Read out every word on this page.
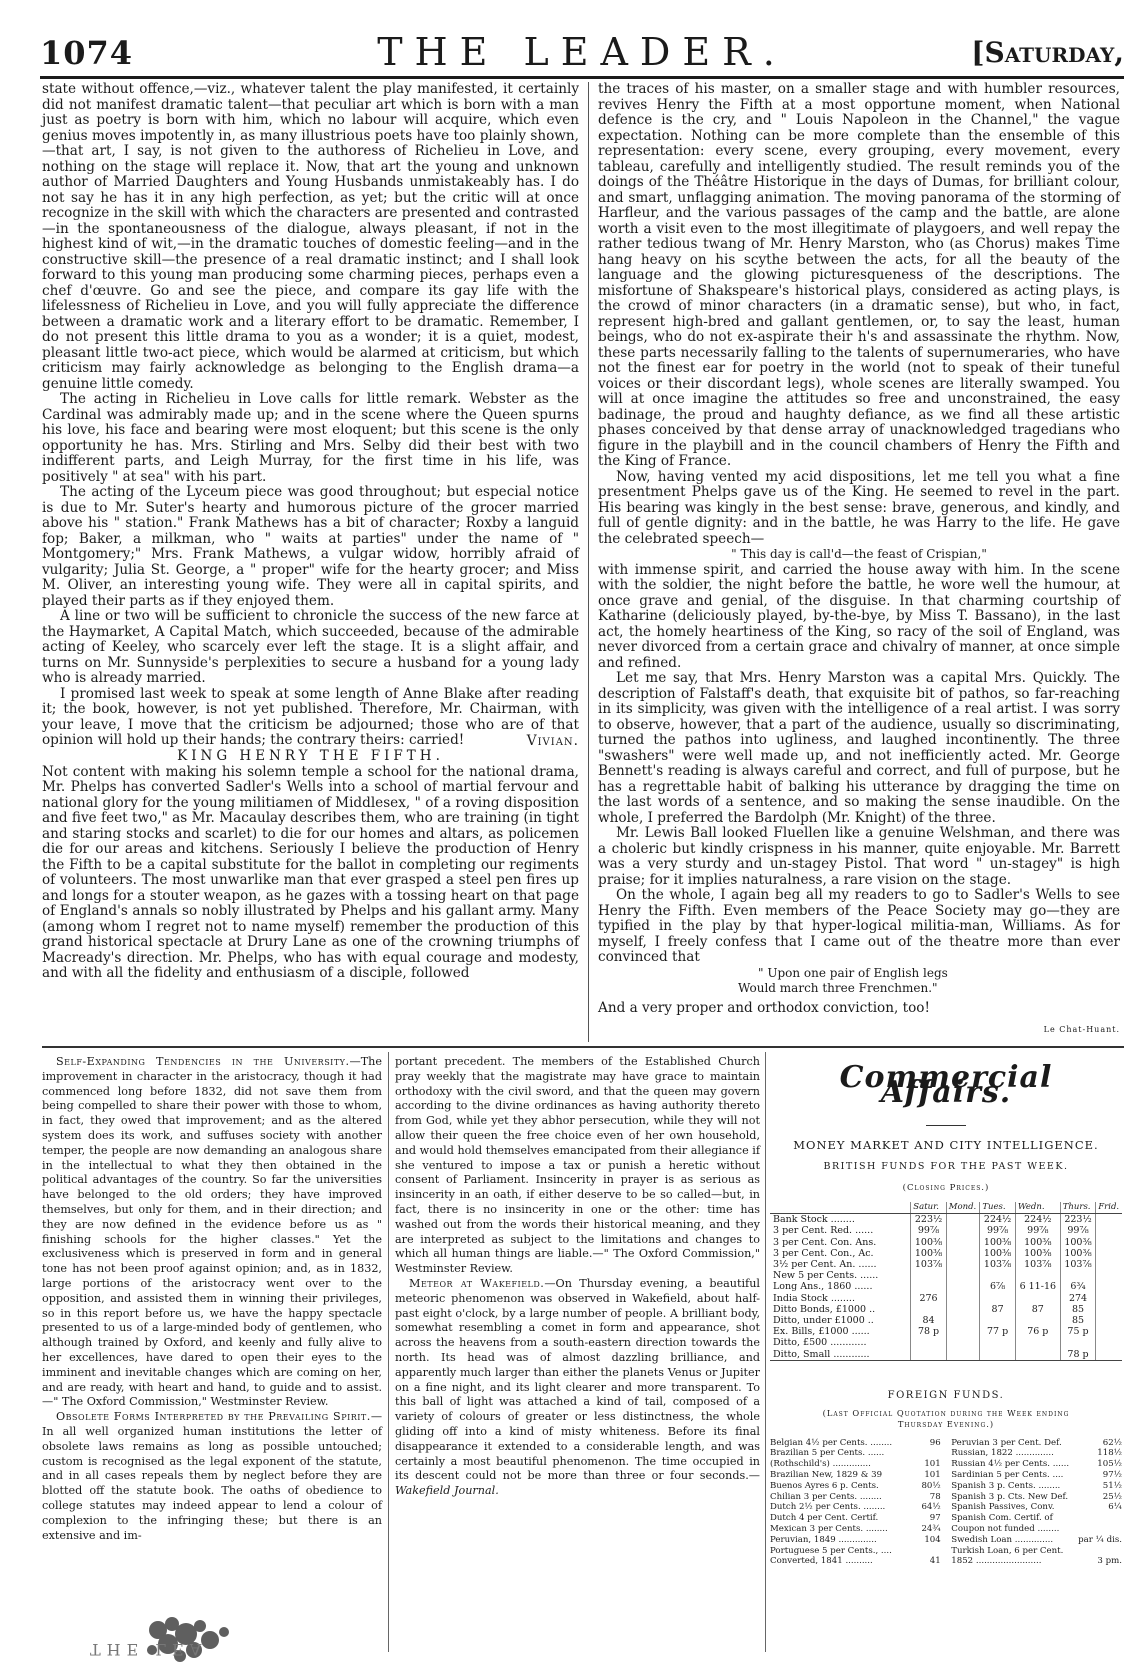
1074	THE LEADER.	[Saturday,

state without offence,—viz., whatever talent the play manifested, it certainly did not manifest dramatic talent—that peculiar art which is born with a man just as poetry is born with him, which no labour will acquire, which even genius moves impotently in, as many illustrious poets have too plainly shown,—that art, I say, is not given to the authoress of Richelieu in Love, and nothing on the stage will replace it. Now, that art the young and unknown author of Married Daughters and Young Husbands unmistakeably has. I do not say he has it in any high perfection, as yet; but the critic will at once recognize in the skill with which the characters are presented and contrasted—in the spontaneousness of the dialogue, always pleasant, if not in the highest kind of wit,—in the dramatic touches of domestic feeling—and in the constructive skill—the presence of a real dramatic instinct; and I shall look forward to this young man producing some charming pieces, perhaps even a chef d'œuvre. Go and see the piece, and compare its gay life with the lifelessness of Richelieu in Love, and you will fully appreciate the difference between a dramatic work and a literary effort to be dramatic. Remember, I do not present this little drama to you as a wonder; it is a quiet, modest, pleasant little two-act piece, which would be alarmed at criticism, but which criticism may fairly acknowledge as belonging to the English drama—a genuine little comedy.

The acting in Richelieu in Love calls for little remark. Webster as the Cardinal was admirably made up; and in the scene where the Queen spurns his love, his face and bearing were most eloquent; but this scene is the only opportunity he has. Mrs. Stirling and Mrs. Selby did their best with two indifferent parts, and Leigh Murray, for the first time in his life, was positively " at sea" with his part.

The acting of the Lyceum piece was good throughout; but especial notice is due to Mr. Suter's hearty and humorous picture of the grocer married above his " station." Frank Mathews has a bit of character; Roxby a languid fop; Baker, a milkman, who " waits at parties" under the name of " Montgomery;" Mrs. Frank Mathews, a vulgar widow, horribly afraid of vulgarity; Julia St. George, a " proper" wife for the hearty grocer; and Miss M. Oliver, an interesting young wife. They were all in capital spirits, and played their parts as if they enjoyed them.

A line or two will be sufficient to chronicle the success of the new farce at the Haymarket, A Capital Match, which succeeded, because of the admirable acting of Keeley, who scarcely ever left the stage. It is a slight affair, and turns on Mr. Sunnyside's perplexities to secure a husband for a young lady who is already married.

I promised last week to speak at some length of Anne Blake after reading it; the book, however, is not yet published. Therefore, Mr. Chairman, with your leave, I move that the criticism be adjourned; those who are of that opinion will hold up their hands; the contrary theirs: carried!	Vivian.

KING HENRY THE FIFTH.

Not content with making his solemn temple a school for the national drama, Mr. Phelps has converted Sadler's Wells into a school of martial fervour and national glory for the young militiamen of Middlesex, " of a roving disposition and five feet two," as Mr. Macaulay describes them, who are training (in tight and staring stocks and scarlet) to die for our homes and altars, as policemen die for our areas and kitchens. Seriously I believe the production of Henry the Fifth to be a capital substitute for the ballot in completing our regiments of volunteers. The most unwarlike man that ever grasped a steel pen fires up and longs for a stouter weapon, as he gazes with a tossing heart on that page of England's annals so nobly illustrated by Phelps and his gallant army. Many (among whom I regret not to name myself) remember the production of this grand historical spectacle at Drury Lane as one of the crowning triumphs of Macready's direction. Mr. Phelps, who has with equal courage and modesty, and with all the fidelity and enthusiasm of a disciple, followed

the traces of his master, on a smaller stage and with humbler resources, revives Henry the Fifth at a most opportune moment, when National defence is the cry, and " Louis Napoleon in the Channel," the vague expectation. Nothing can be more complete than the ensemble of this representation: every scene, every grouping, every movement, every tableau, carefully and intelligently studied. The result reminds you of the doings of the Théâtre Historique in the days of Dumas, for brilliant colour, and smart, unflagging animation. The moving panorama of the storming of Harfleur, and the various passages of the camp and the battle, are alone worth a visit even to the most illegitimate of playgoers, and well repay the rather tedious twang of Mr. Henry Marston, who (as Chorus) makes Time hang heavy on his scythe between the acts, for all the beauty of the language and the glowing picturesqueness of the descriptions. The misfortune of Shakspeare's historical plays, considered as acting plays, is the crowd of minor characters (in a dramatic sense), but who, in fact, represent high-bred and gallant gentlemen, or, to say the least, human beings, who do not ex-aspirate their h's and assassinate the rhythm. Now, these parts necessarily falling to the talents of supernumeraries, who have not the finest ear for poetry in the world (not to speak of their tuneful voices or their discordant legs), whole scenes are literally swamped. You will at once imagine the attitudes so free and unconstrained, the easy badinage, the proud and haughty defiance, as we find all these artistic phases conceived by that dense array of unacknowledged tragedians who figure in the playbill and in the council chambers of Henry the Fifth and the King of France.

Now, having vented my acid dispositions, let me tell you what a fine presentment Phelps gave us of the King. He seemed to revel in the part. His bearing was kingly in the best sense: brave, generous, and kindly, and full of gentle dignity: and in the battle, he was Harry to the life. He gave the celebrated speech—

" This day is call'd—the feast of Crispian,"

with immense spirit, and carried the house away with him. In the scene with the soldier, the night before the battle, he wore well the humour, at once grave and genial, of the disguise. In that charming courtship of Katharine (deliciously played, by-the-bye, by Miss T. Bassano), in the last act, the homely heartiness of the King, so racy of the soil of England, was never divorced from a certain grace and chivalry of manner, at once simple and refined.

Let me say, that Mrs. Henry Marston was a capital Mrs. Quickly. The description of Falstaff's death, that exquisite bit of pathos, so far-reaching in its simplicity, was given with the intelligence of a real artist. I was sorry to observe, however, that a part of the audience, usually so discriminating, turned the pathos into ugliness, and laughed incontinently. The three "swashers" were well made up, and not inefficiently acted. Mr. George Bennett's reading is always careful and correct, and full of purpose, but he has a regrettable habit of balking his utterance by dragging the time on the last words of a sentence, and so making the sense inaudible. On the whole, I preferred the Bardolph (Mr. Knight) of the three.

Mr. Lewis Ball looked Fluellen like a genuine Welshman, and there was a choleric but kindly crispness in his manner, quite enjoyable. Mr. Barrett was a very sturdy and un-stagey Pistol. That word " un-stagey" is high praise; for it implies naturalness, a rare vision on the stage.

On the whole, I again beg all my readers to go to Sadler's Wells to see Henry the Fifth. Even members of the Peace Society may go—they are typified in the play by that hyper-logical militia-man, Williams. As for myself, I freely confess that I came out of the theatre more than ever convinced that

" Upon one pair of English legs

Would march three Frenchmen."

And a very proper and orthodox conviction, too!

Le Chat-Huant.

Self-Expanding Tendencies in the University.—The improvement in character in the aristocracy, though it had commenced long before 1832, did not save them from being compelled to share their power with those to whom, in fact, they owed that improvement; and as the altered system does its work, and suffuses society with another temper, the people are now demanding an analogous share in the intellectual to what they then obtained in the political advantages of the country. So far the universities have belonged to the old orders; they have improved themselves, but only for them, and in their direction; and they are now defined in the evidence before us as " finishing schools for the higher classes." Yet the exclusiveness which is preserved in form and in general tone has not been proof against opinion; and, as in 1832, large portions of the aristocracy went over to the opposition, and assisted them in winning their privileges, so in this report before us, we have the happy spectacle presented to us of a large-minded body of gentlemen, who although trained by Oxford, and keenly and fully alive to her excellences, have dared to open their eyes to the imminent and inevitable changes which are coming on her, and are ready, with heart and hand, to guide and to assist. —" The Oxford Commission," Westminster Review.

Obsolete Forms Interpreted by the Prevailing Spirit.—In all well organized human institutions the letter of obsolete laws remains as long as possible untouched; custom is recognised as the legal exponent of the statute, and in all cases repeals them by neglect before they are blotted off the statute book. The oaths of obedience to college statutes may indeed appear to lend a colour of complexion to the infringing these; but there is an extensive and im-

portant precedent. The members of the Established Church pray weekly that the magistrate may have grace to maintain orthodoxy with the civil sword, and that the queen may govern according to the divine ordinances as having authority thereto from God, while yet they abhor persecution, while they will not allow their queen the free choice even of her own household, and would hold themselves emancipated from their allegiance if she ventured to impose a tax or punish a heretic without consent of Parliament. Insincerity in prayer is as serious as insincerity in an oath, if either deserve to be so called—but, in fact, there is no insincerity in one or the other: time has washed out from the words their historical meaning, and they are interpreted as subject to the limitations and changes to which all human things are liable.—" The Oxford Commission," Westminster Review.

Meteor at Wakefield.—On Thursday evening, a beautiful meteoric phenomenon was observed in Wakefield, about half-past eight o'clock, by a large number of people. A brilliant body, somewhat resembling a comet in form and appearance, shot across the heavens from a south-eastern direction towards the north. Its head was of almost dazzling brilliance, and apparently much larger than either the planets Venus or Jupiter on a fine night, and its light clearer and more transparent. To this ball of light was attached a kind of tail, composed of a variety of colours of greater or less distinctness, the whole gliding off into a kind of misty whiteness. Before its final disappearance it extended to a considerable length, and was certainly a most beautiful phenomenon. The time occupied in its descent could not be more than three or four seconds.— Wakefield Journal.

Commercial Affairs.
MONEY MARKET AND CITY INTELLIGENCE.
BRITISH FUNDS FOR THE PAST WEEK.
(Closing Prices.)
	Satur.	Mond.	Tues.	Wedn.	Thurs.	Frid.
Bank Stock ........	223½		224½	224½	223½	
3 per Cent. Red. ......	99⅞		99⅞	99⅞	99⅞	
3 per Cent. Con. Ans.	100⅜		100⅜	100⅜	100⅜	
3 per Cent. Con., Ac.	100⅜		100⅜	100⅜	100⅜	
3½ per Cent. An. ......	103⅞		103⅞	103⅞	103⅞	
New 5 per Cents. ......						
Long Ans., 1860 ......			6⅞	6 11-16	6¾	
India Stock ........	276				274	
Ditto Bonds, £1000 ..			87	87	85	
Ditto, under £1000 ..	84				85	
Ex. Bills, £1000 ......	78 p		77 p	76 p	75 p	
Ditto, £500 ............						
Ditto, Small ............					78 p	
FOREIGN FUNDS.
(Last Official Quotation during the Week ending
Thursday Evening.)
Belgian 4½ per Cents. ........	96
Brazilian 5 per Cents. ......
(Rothschild's) ..............	101
Brazilian New, 1829 & 39	101
Buenos Ayres 6 p. Cents.	80½
Chilian 3 per Cents. ........	78
Dutch 2½ per Cents. ........	64½
Dutch 4 per Cent. Certif.	97
Mexican 3 per Cents. ........	24¾
Peruvian, 1849 ..............	104
Portuguese 5 per Cents., ....
Converted, 1841 ..........	41
Peruvian 3 per Cent. Def.	62½
Russian, 1822 ..............	118½
Russian 4½ per Cents. ......	105½
Sardinian 5 per Cents. ....	97½
Spanish 3 p. Cents. ........	51½
Spanish 3 p. Cts. New Def.	25½
Spanish Passives, Conv.	6¼
Spanish Com. Certif. of
Coupon not funded ........
Swedish Loan ..............	par ¼ dis.
Turkish Loan, 6 per Cent.
1852 ........................	3 pm.
THE LEA
